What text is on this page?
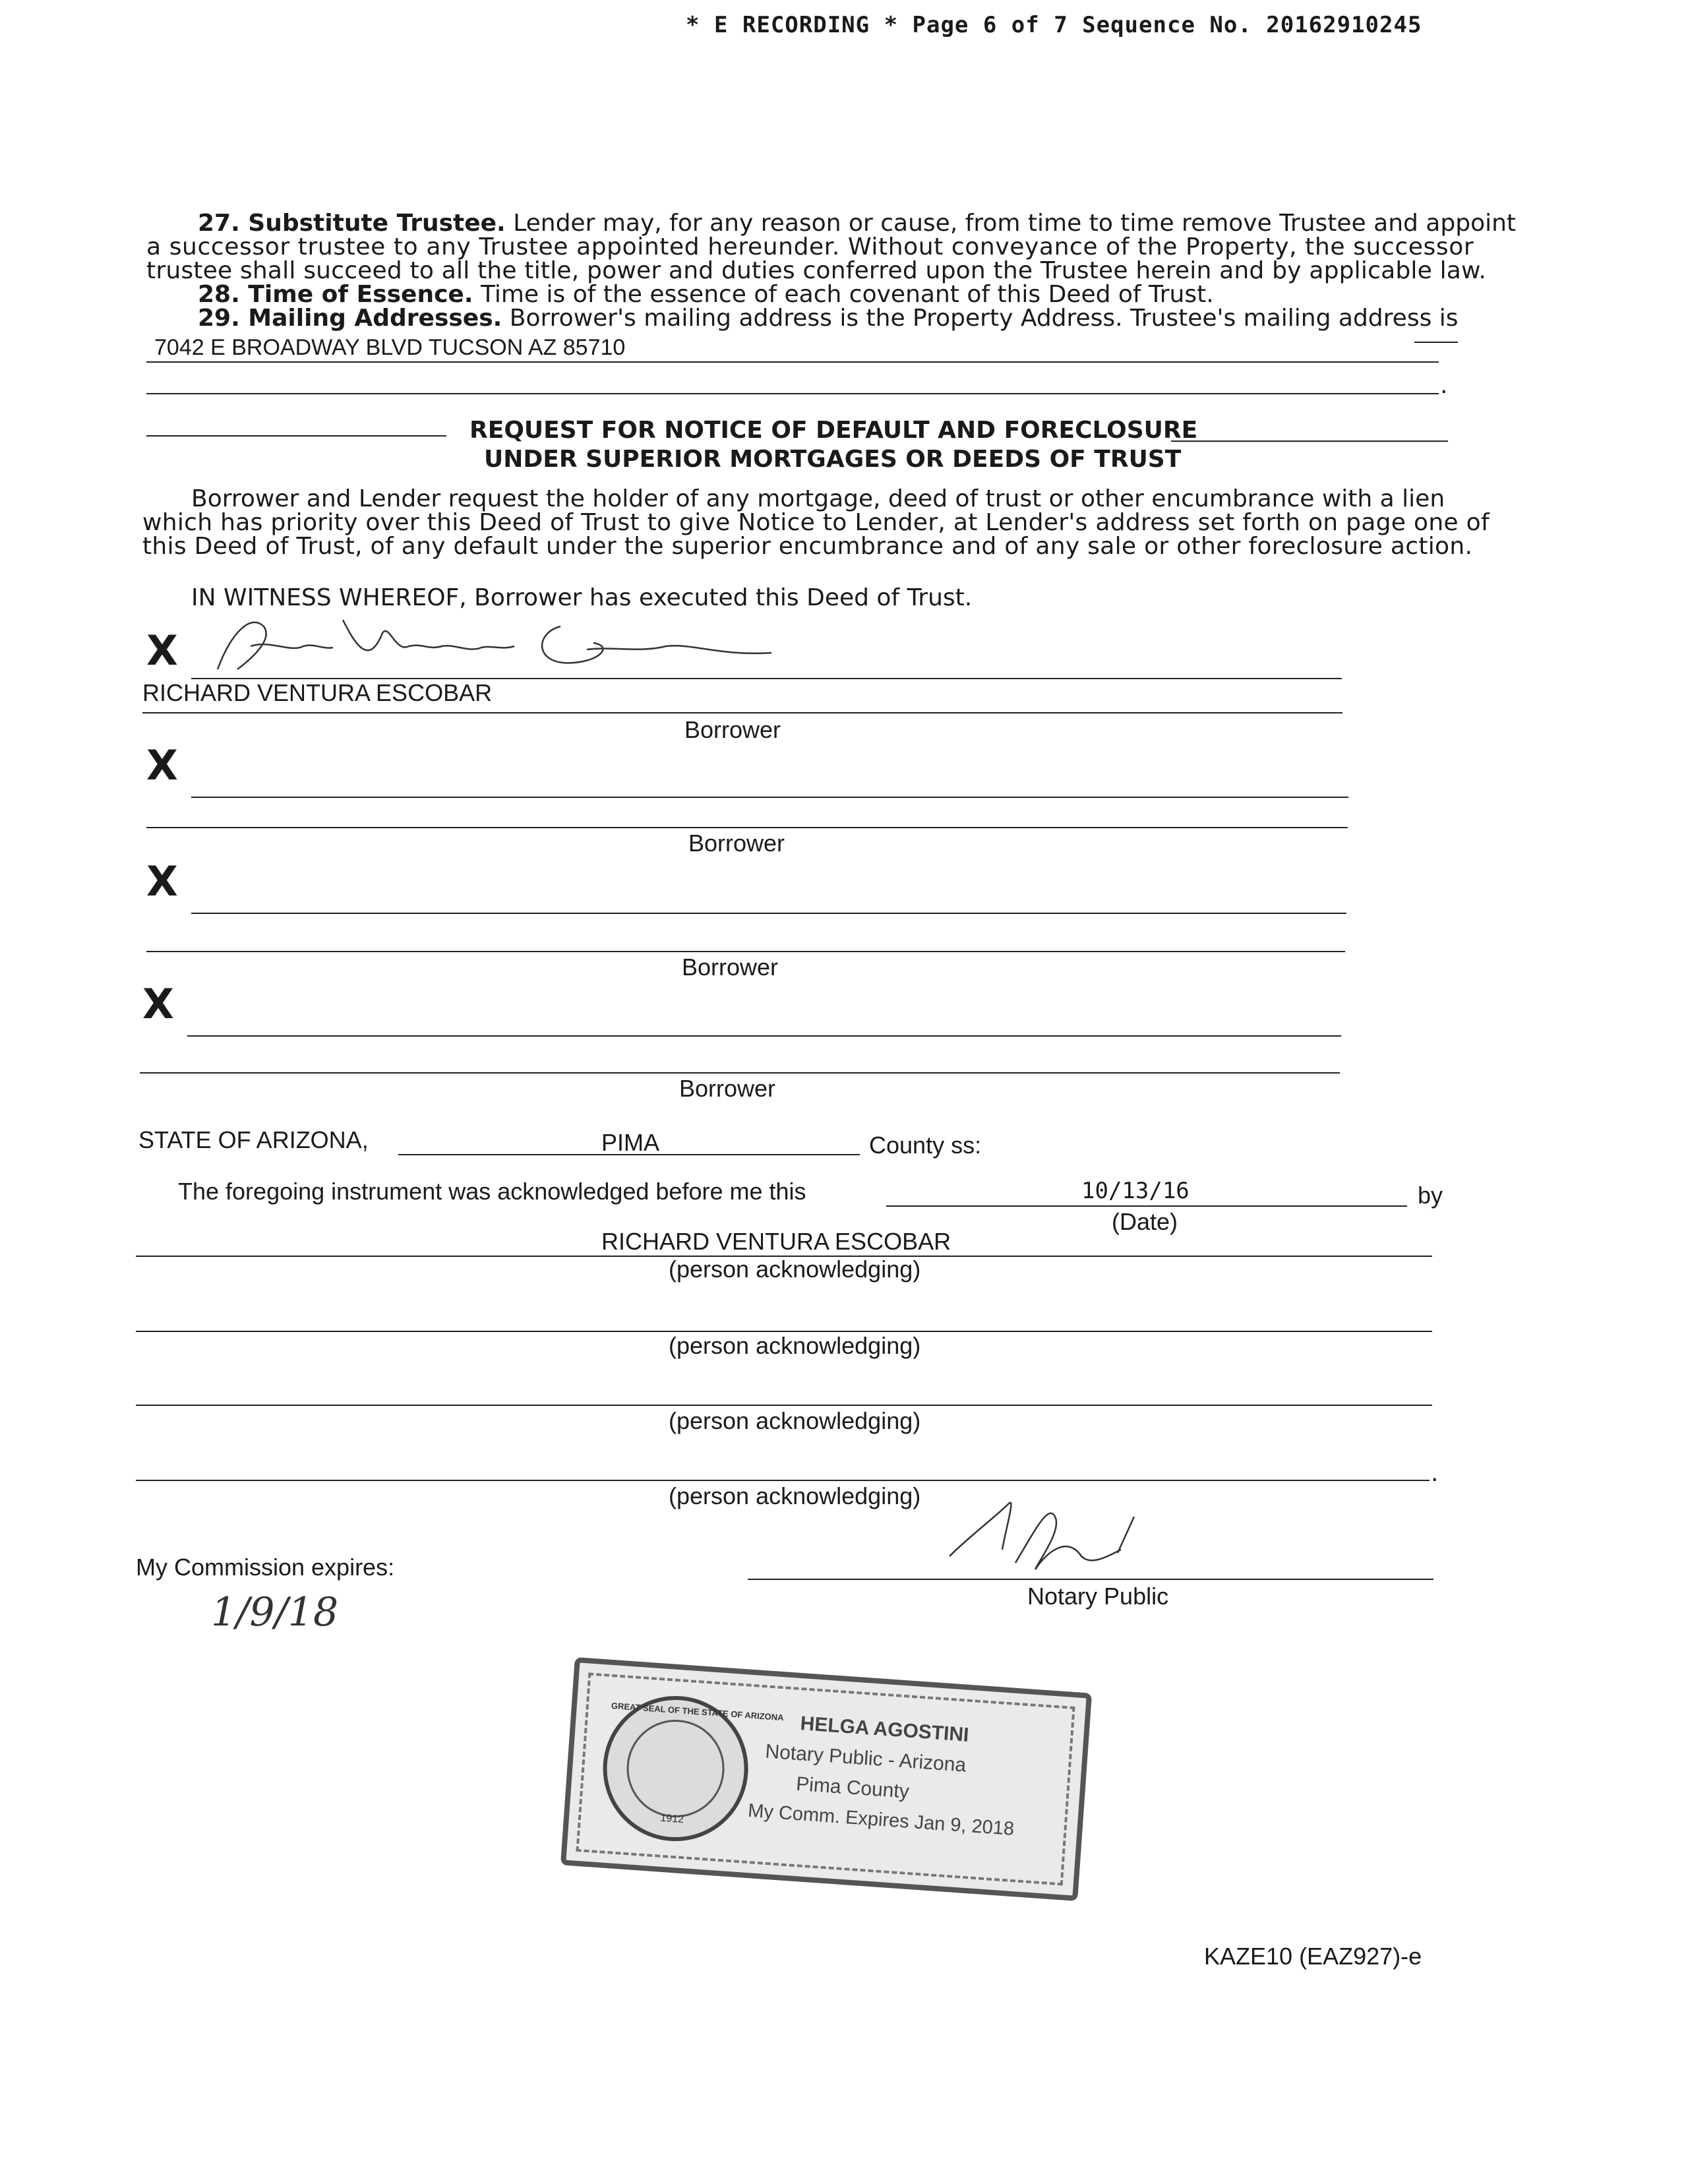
* E RECORDING * Page 6 of 7 Sequence No. 20162910245
27. Substitute Trustee. Lender may, for any reason or cause, from time to time remove Trustee and appoint
a successor trustee to any Trustee appointed hereunder. Without conveyance of the Property, the successor
trustee shall succeed to all the title, power and duties conferred upon the Trustee herein and by applicable law.
28. Time of Essence. Time is of the essence of each covenant of this Deed of Trust.
29. Mailing Addresses. Borrower's mailing address is the Property Address. Trustee's mailing address is
7042 E BROADWAY BLVD TUCSON AZ 85710
.
REQUEST FOR NOTICE OF DEFAULT AND FORECLOSURE
UNDER SUPERIOR MORTGAGES OR DEEDS OF TRUST
Borrower and Lender request the holder of any mortgage, deed of trust or other encumbrance with a lien
which has priority over this Deed of Trust to give Notice to Lender, at Lender's address set forth on page one of
this Deed of Trust, of any default under the superior encumbrance and of any sale or other foreclosure action.
IN WITNESS WHEREOF, Borrower has executed this Deed of Trust.
X
RICHARD VENTURA ESCOBAR
Borrower
X
Borrower
X
Borrower
X
Borrower
STATE OF ARIZONA,	PIMA	County ss:
The foregoing instrument was acknowledged before me this	10/13/16	by
(Date)
RICHARD VENTURA ESCOBAR
(person acknowledging)
(person acknowledging)
(person acknowledging)
.
(person acknowledging)
My Commission expires:
1/9/18	Notary Public
GREAT SEAL OF THE STATE OF ARIZONA
1912
HELGA AGOSTINI
Notary Public - Arizona
Pima County
My Comm. Expires Jan 9, 2018
KAZE10 (EAZ927)-e
